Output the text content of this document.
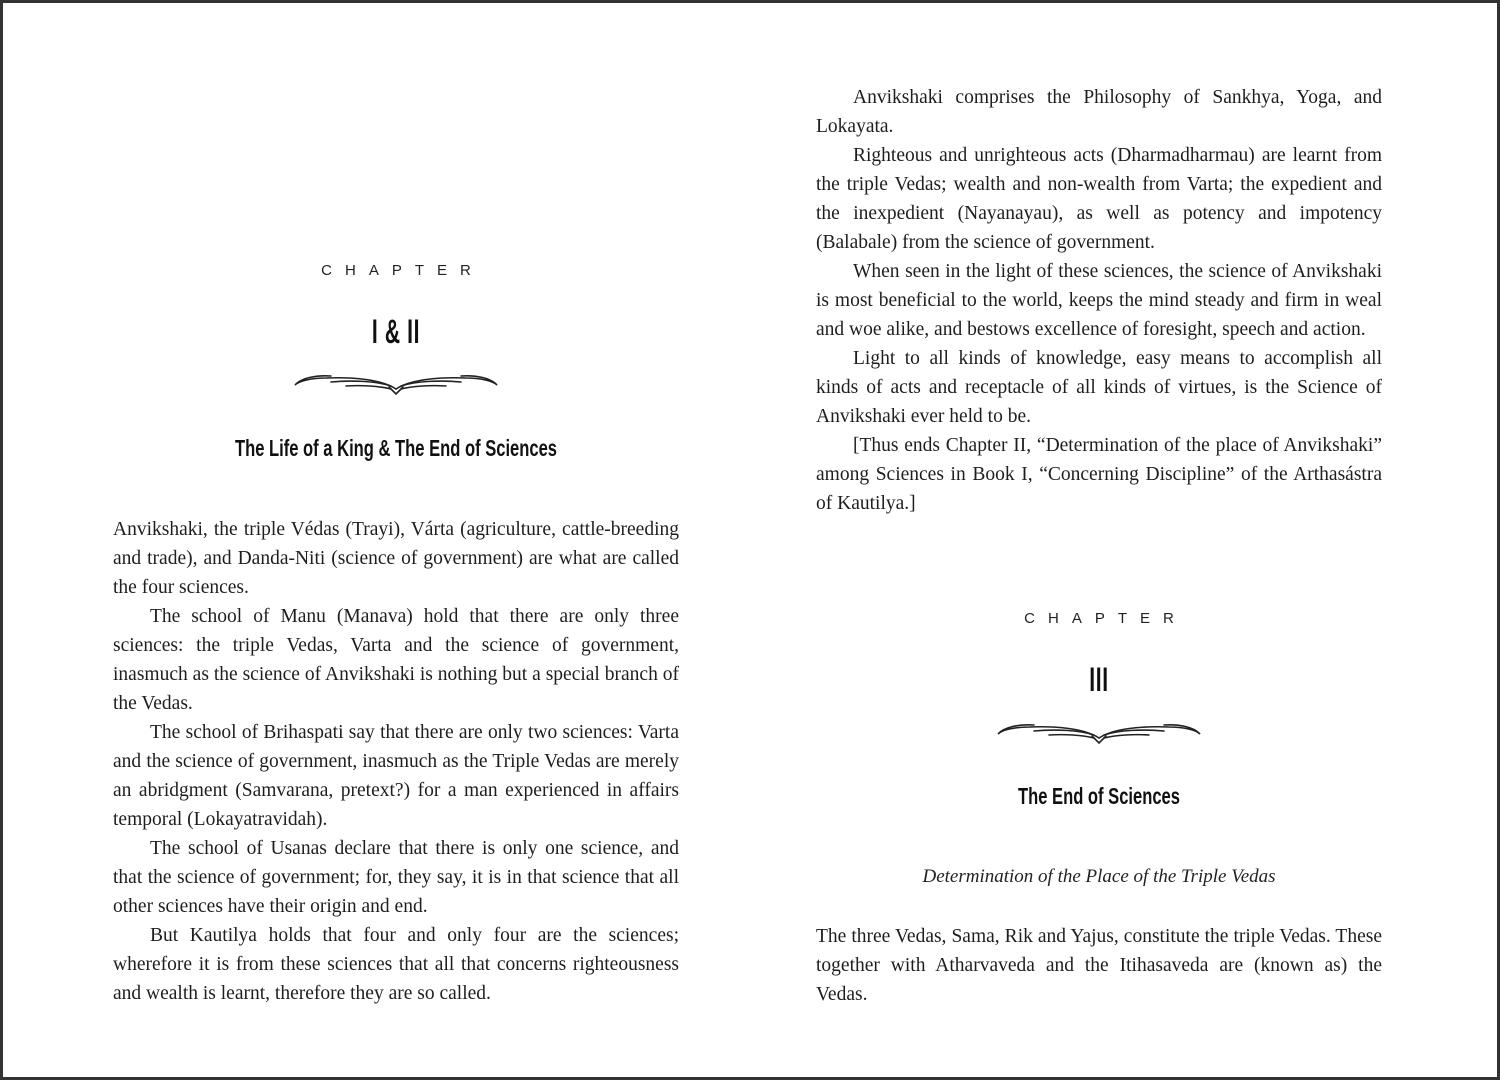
CHAPTER
I & II
The Life of a King & The End of Sciences

Anvikshaki, the triple Védas (Trayi), Várta (agriculture, cattle-breeding and trade), and Danda-Niti (science of government) are what are called the four sciences.

The school of Manu (Manava) hold that there are only three sciences: the triple Vedas, Varta and the science of government, inasmuch as the science of Anvikshaki is nothing but a special branch of the Vedas.

The school of Brihaspati say that there are only two sciences: Varta and the science of government, inasmuch as the Triple Vedas are merely an abridgment (Samvarana, pretext?) for a man experienced in affairs temporal (Lokayatravidah).

The school of Usanas declare that there is only one science, and that the science of government; for, they say, it is in that science that all other sciences have their origin and end.

But Kautilya holds that four and only four are the sciences; wherefore it is from these sciences that all that concerns righteousness and wealth is learnt, therefore they are so called.

Anvikshaki comprises the Philosophy of Sankhya, Yoga, and Lokayata.

Righteous and unrighteous acts (Dharmadharmau) are learnt from the triple Vedas; wealth and non-wealth from Varta; the expedient and the inexpedient (Nayanayau), as well as potency and impotency (Balabale) from the science of government.

When seen in the light of these sciences, the science of Anvikshaki is most beneficial to the world, keeps the mind steady and firm in weal and woe alike, and bestows excellence of foresight, speech and action.

Light to all kinds of knowledge, easy means to accomplish all kinds of acts and receptacle of all kinds of virtues, is the Science of Anvikshaki ever held to be.

[Thus ends Chapter II, “Determination of the place of Anvikshaki” among Sciences in Book I, “Concerning Discipline” of the Arthasástra of Kautilya.]

CHAPTER
III
The End of Sciences
Determination of the Place of the Triple Vedas

The three Vedas, Sama, Rik and Yajus, constitute the triple Vedas. These together with Atharvaveda and the Itihasaveda are (known as) the Vedas.
